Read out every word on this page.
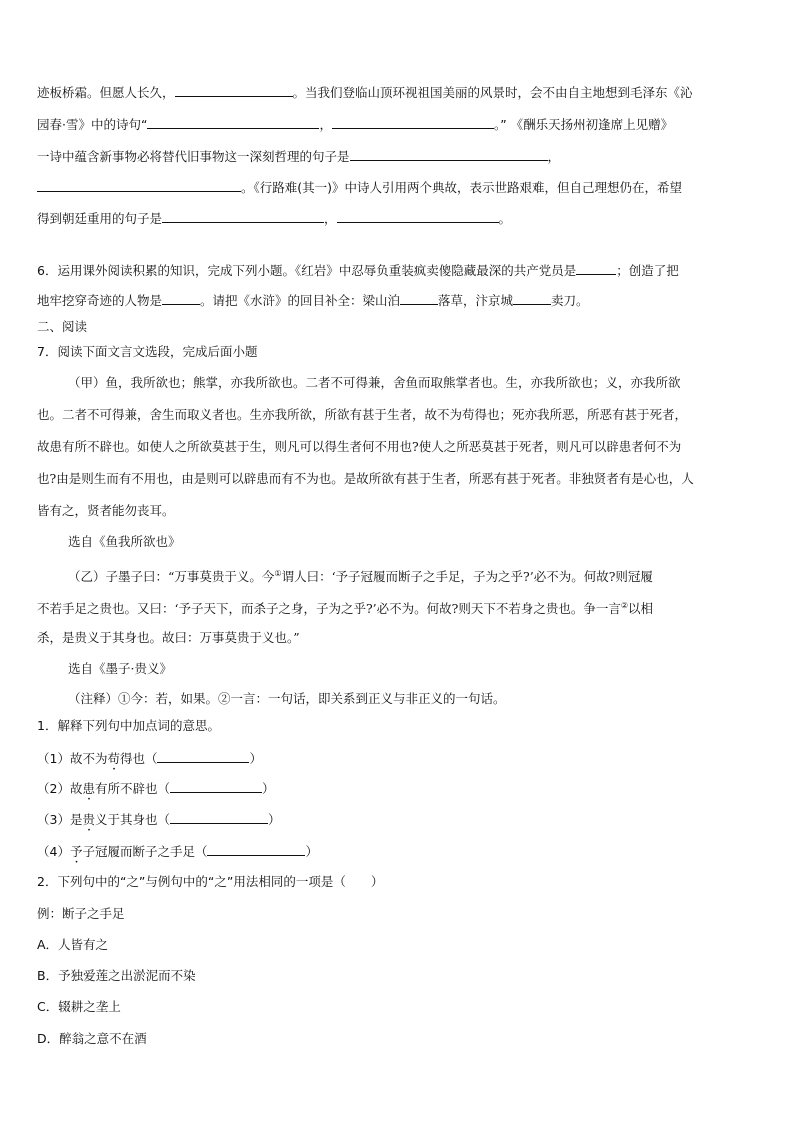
迹板桥霜。但愿人长久，	。当我们登临山顶环视祖国美丽的风景时，会不由自主地想到毛泽东《沁
园春·雪》中的诗句“	，	。” 《酬乐天扬州初逢席上见赠》
一诗中蕴含新事物必将替代旧事物这一深刻哲理的句子是	，
。《行路难(其一)》中诗人引用两个典故，表示世路艰难，但自己理想仍在，希望
得到朝廷重用的句子是	，	。
6．运用课外阅读积累的知识，完成下列小题。《红岩》中忍辱负重装疯卖傻隐藏最深的共产党员是	；创造了把
地牢挖穿奇迹的人物是	。请把《水浒》的回目补全：梁山泊	落草，汴京城	卖刀。
二、阅读
7．阅读下面文言文选段，完成后面小题
（甲）鱼，我所欲也；熊掌，亦我所欲也。二者不可得兼，舍鱼而取熊掌者也。生，亦我所欲也；义，亦我所欲
也。二者不可得兼，舍生而取义者也。生亦我所欲，所欲有甚于生者，故不为苟得也；死亦我所恶，所恶有甚于死者，
故患有所不辟也。如使人之所欲莫甚于生，则凡可以得生者何不用也?使人之所恶莫甚于死者，则凡可以辟患者何不为
也?由是则生而有不用也，由是则可以辟患而有不为也。是故所欲有甚于生者，所恶有甚于死者。非独贤者有是心也，人
皆有之，贤者能勿丧耳。
选自《鱼我所欲也》
（乙）子墨子曰：“万事莫贵于义。今①谓人曰：‘予子冠履而断子之手足，子为之乎?’必不为。何故?则冠履
不若手足之贵也。又曰：‘予子天下，而杀子之身，子为之乎?’必不为。何故?则天下不若身之贵也。争一言②以相
杀，是贵义于其身也。故曰：万事莫贵于义也。”
选自《墨子·贵义》
（注释）①今：若，如果。②一言：一句话，即关系到正义与非正义的一句话。
1．解释下列句中加点词的意思。
（1）故不为苟得也（	）
（2）故患有所不辟也（	）
（3）是贵义于其身也（	）
（4）予子冠履而断子之手足（	）
2．下列句中的“之”与例句中的“之”用法相同的一项是（　　）
例：断子之手足
A．人皆有之
B．予独爱莲之出淤泥而不染
C．辍耕之垄上
D．醉翁之意不在酒
